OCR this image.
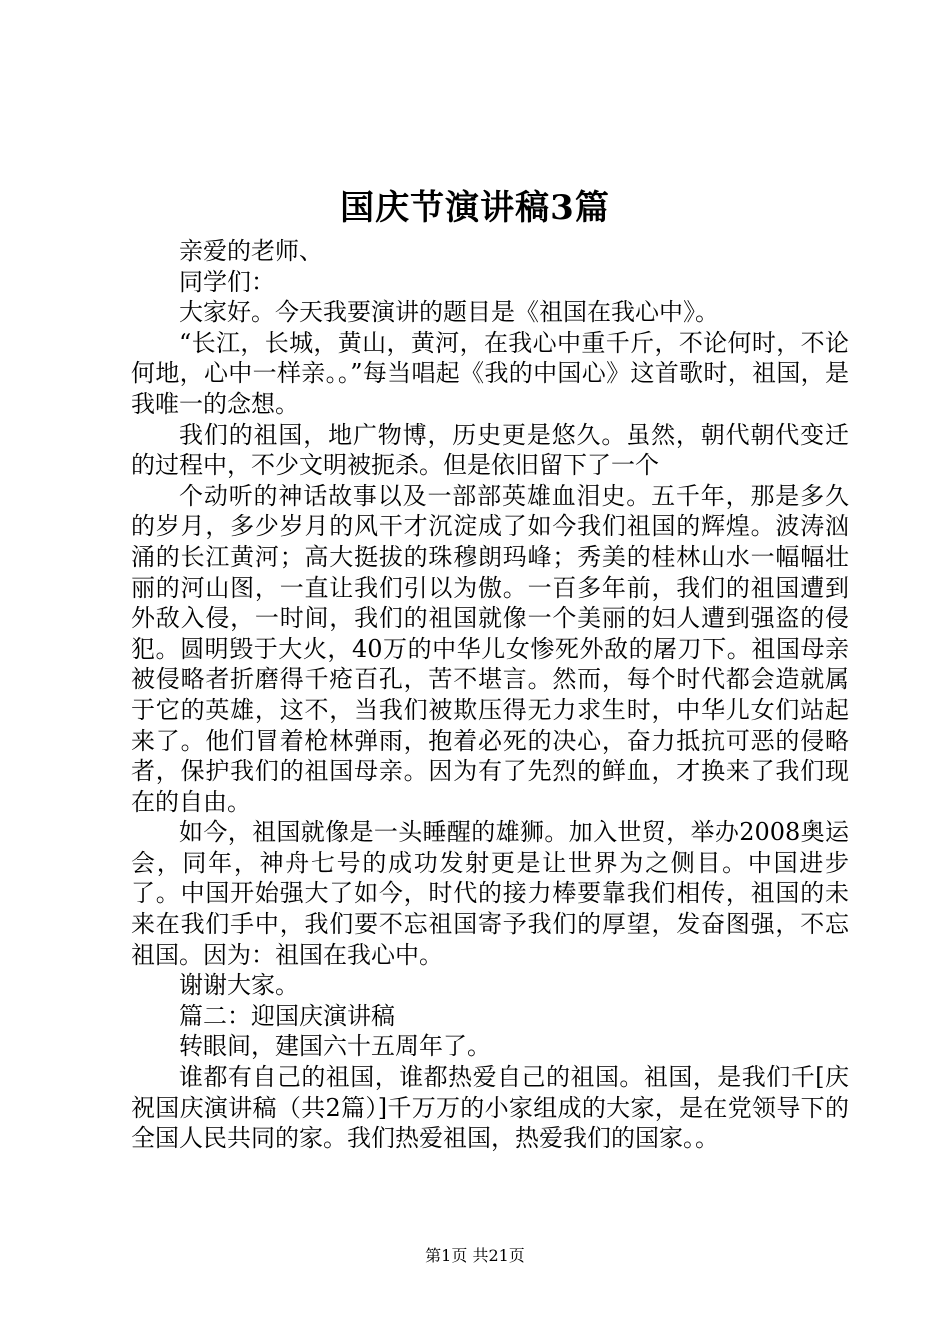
国庆节演讲稿3篇

亲爱的老师、

同学们：

大家好。今天我要演讲的题目是《祖国在我心中》。

“长江，长城，黄山，黄河，在我心中重千斤，不论何时，不论何地，心中一样亲。。”每当唱起《我的中国心》这首歌时，祖国，是我唯一的念想。

我们的祖国，地广物博，历史更是悠久。虽然，朝代朝代变迁的过程中，不少文明被扼杀。但是依旧留下了一个

个动听的神话故事以及一部部英雄血泪史。五千年，那是多久的岁月，多少岁月的风干才沉淀成了如今我们祖国的辉煌。波涛汹涌的长江黄河；高大挺拔的珠穆朗玛峰；秀美的桂林山水一幅幅壮丽的河山图，一直让我们引以为傲。一百多年前，我们的祖国遭到外敌入侵，一时间，我们的祖国就像一个美丽的妇人遭到强盗的侵犯。圆明毁于大火，40万的中华儿女惨死外敌的屠刀下。祖国母亲被侵略者折磨得千疮百孔，苦不堪言。然而，每个时代都会造就属于它的英雄，这不，当我们被欺压得无力求生时，中华儿女们站起来了。他们冒着枪林弹雨，抱着必死的决心，奋力抵抗可恶的侵略者，保护我们的祖国母亲。因为有了先烈的鲜血，才换来了我们现在的自由。

如今，祖国就像是一头睡醒的雄狮。加入世贸，举办2008奥运会，同年，神舟七号的成功发射更是让世界为之侧目。中国进步了。中国开始强大了如今，时代的接力棒要靠我们相传，祖国的未来在我们手中，我们要不忘祖国寄予我们的厚望，发奋图强，不忘祖国。因为：祖国在我心中。

谢谢大家。

篇二：迎国庆演讲稿

转眼间，建国六十五周年了。

谁都有自己的祖国，谁都热爱自己的祖国。祖国，是我们千[庆祝国庆演讲稿（共2篇）]千万万的小家组成的大家，是在党领导下的全国人民共同的家。我们热爱祖国，热爱我们的国家。。

第1页 共21页
